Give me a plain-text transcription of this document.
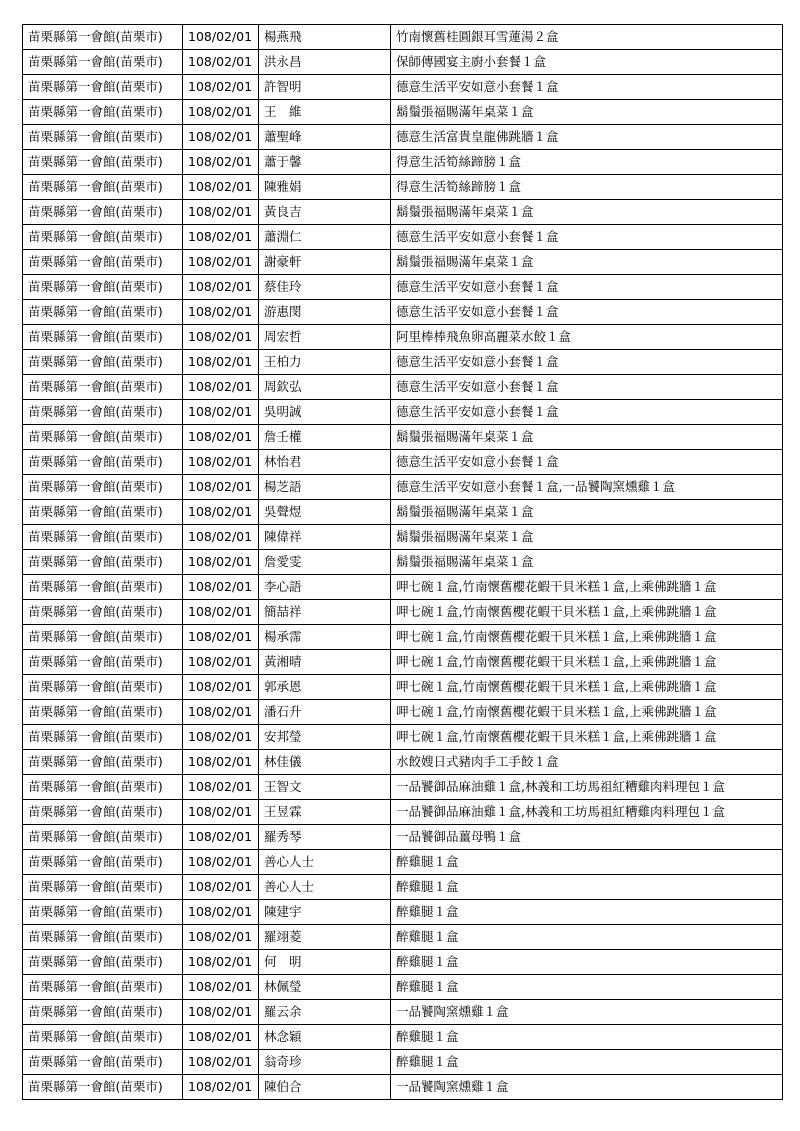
苗栗縣第一會館(苗栗市)	108/02/01	楊燕飛	竹南懷舊桂圓銀耳雪蓮湯２盒
苗栗縣第一會館(苗栗市)	108/02/01	洪永昌	保師傳國宴主廚小套餐１盒
苗栗縣第一會館(苗栗市)	108/02/01	許智明	德意生活平安如意小套餐１盒
苗栗縣第一會館(苗栗市)	108/02/01	王　維	鬍鬚張福賜滿年桌菜１盒
苗栗縣第一會館(苗栗市)	108/02/01	蕭聖峰	德意生活富貴皇龍佛跳牆１盒
苗栗縣第一會館(苗栗市)	108/02/01	蕭于馨	得意生活筍絲蹄膀１盒
苗栗縣第一會館(苗栗市)	108/02/01	陳雅娟	得意生活筍絲蹄膀１盒
苗栗縣第一會館(苗栗市)	108/02/01	黃良吉	鬍鬚張福賜滿年桌菜１盒
苗栗縣第一會館(苗栗市)	108/02/01	蕭淵仁	德意生活平安如意小套餐１盒
苗栗縣第一會館(苗栗市)	108/02/01	謝豪軒	鬍鬚張福賜滿年桌菜１盒
苗栗縣第一會館(苗栗市)	108/02/01	蔡佳玲	德意生活平安如意小套餐１盒
苗栗縣第一會館(苗栗市)	108/02/01	游惠閔	德意生活平安如意小套餐１盒
苗栗縣第一會館(苗栗市)	108/02/01	周宏哲	阿里棒棒飛魚卵高麗菜水餃１盒
苗栗縣第一會館(苗栗市)	108/02/01	王柏力	德意生活平安如意小套餐１盒
苗栗縣第一會館(苗栗市)	108/02/01	周欽弘	德意生活平安如意小套餐１盒
苗栗縣第一會館(苗栗市)	108/02/01	吳明誠	德意生活平安如意小套餐１盒
苗栗縣第一會館(苗栗市)	108/02/01	詹壬權	鬍鬚張福賜滿年桌菜１盒
苗栗縣第一會館(苗栗市)	108/02/01	林怡君	德意生活平安如意小套餐１盒
苗栗縣第一會館(苗栗市)	108/02/01	楊芝語	德意生活平安如意小套餐１盒,一品饕陶窯燻雞１盒
苗栗縣第一會館(苗栗市)	108/02/01	吳聲煜	鬍鬚張福賜滿年桌菜１盒
苗栗縣第一會館(苗栗市)	108/02/01	陳偉祥	鬍鬚張福賜滿年桌菜１盒
苗栗縣第一會館(苗栗市)	108/02/01	詹愛雯	鬍鬚張福賜滿年桌菜１盒
苗栗縣第一會館(苗栗市)	108/02/01	李心語	呷七碗１盒,竹南懷舊櫻花蝦干貝米糕１盒,上乘佛跳牆１盒
苗栗縣第一會館(苗栗市)	108/02/01	簡喆祥	呷七碗１盒,竹南懷舊櫻花蝦干貝米糕１盒,上乘佛跳牆１盒
苗栗縣第一會館(苗栗市)	108/02/01	楊承霈	呷七碗１盒,竹南懷舊櫻花蝦干貝米糕１盒,上乘佛跳牆１盒
苗栗縣第一會館(苗栗市)	108/02/01	黃湘晴	呷七碗１盒,竹南懷舊櫻花蝦干貝米糕１盒,上乘佛跳牆１盒
苗栗縣第一會館(苗栗市)	108/02/01	郭承恩	呷七碗１盒,竹南懷舊櫻花蝦干貝米糕１盒,上乘佛跳牆１盒
苗栗縣第一會館(苗栗市)	108/02/01	潘石升	呷七碗１盒,竹南懷舊櫻花蝦干貝米糕１盒,上乘佛跳牆１盒
苗栗縣第一會館(苗栗市)	108/02/01	安邦瑩	呷七碗１盒,竹南懷舊櫻花蝦干貝米糕１盒,上乘佛跳牆１盒
苗栗縣第一會館(苗栗市)	108/02/01	林佳儀	水餃嫂日式豬肉手工手餃１盒
苗栗縣第一會館(苗栗市)	108/02/01	王智文	一品饕御品麻油雞１盒,林義和工坊馬祖紅糟雞肉料理包１盒
苗栗縣第一會館(苗栗市)	108/02/01	王昱霖	一品饕御品麻油雞１盒,林義和工坊馬祖紅糟雞肉料理包１盒
苗栗縣第一會館(苗栗市)	108/02/01	羅秀琴	一品饕御品薑母鴨１盒
苗栗縣第一會館(苗栗市)	108/02/01	善心人士	醉雞腿１盒
苗栗縣第一會館(苗栗市)	108/02/01	善心人士	醉雞腿１盒
苗栗縣第一會館(苗栗市)	108/02/01	陳建宇	醉雞腿１盒
苗栗縣第一會館(苗栗市)	108/02/01	羅翊菱	醉雞腿１盒
苗栗縣第一會館(苗栗市)	108/02/01	何　明	醉雞腿１盒
苗栗縣第一會館(苗栗市)	108/02/01	林佩瑩	醉雞腿１盒
苗栗縣第一會館(苗栗市)	108/02/01	羅云余	一品饕陶窯燻雞１盒
苗栗縣第一會館(苗栗市)	108/02/01	林念穎	醉雞腿１盒
苗栗縣第一會館(苗栗市)	108/02/01	翁奇珍	醉雞腿１盒
苗栗縣第一會館(苗栗市)	108/02/01	陳伯合	一品饕陶窯燻雞１盒
